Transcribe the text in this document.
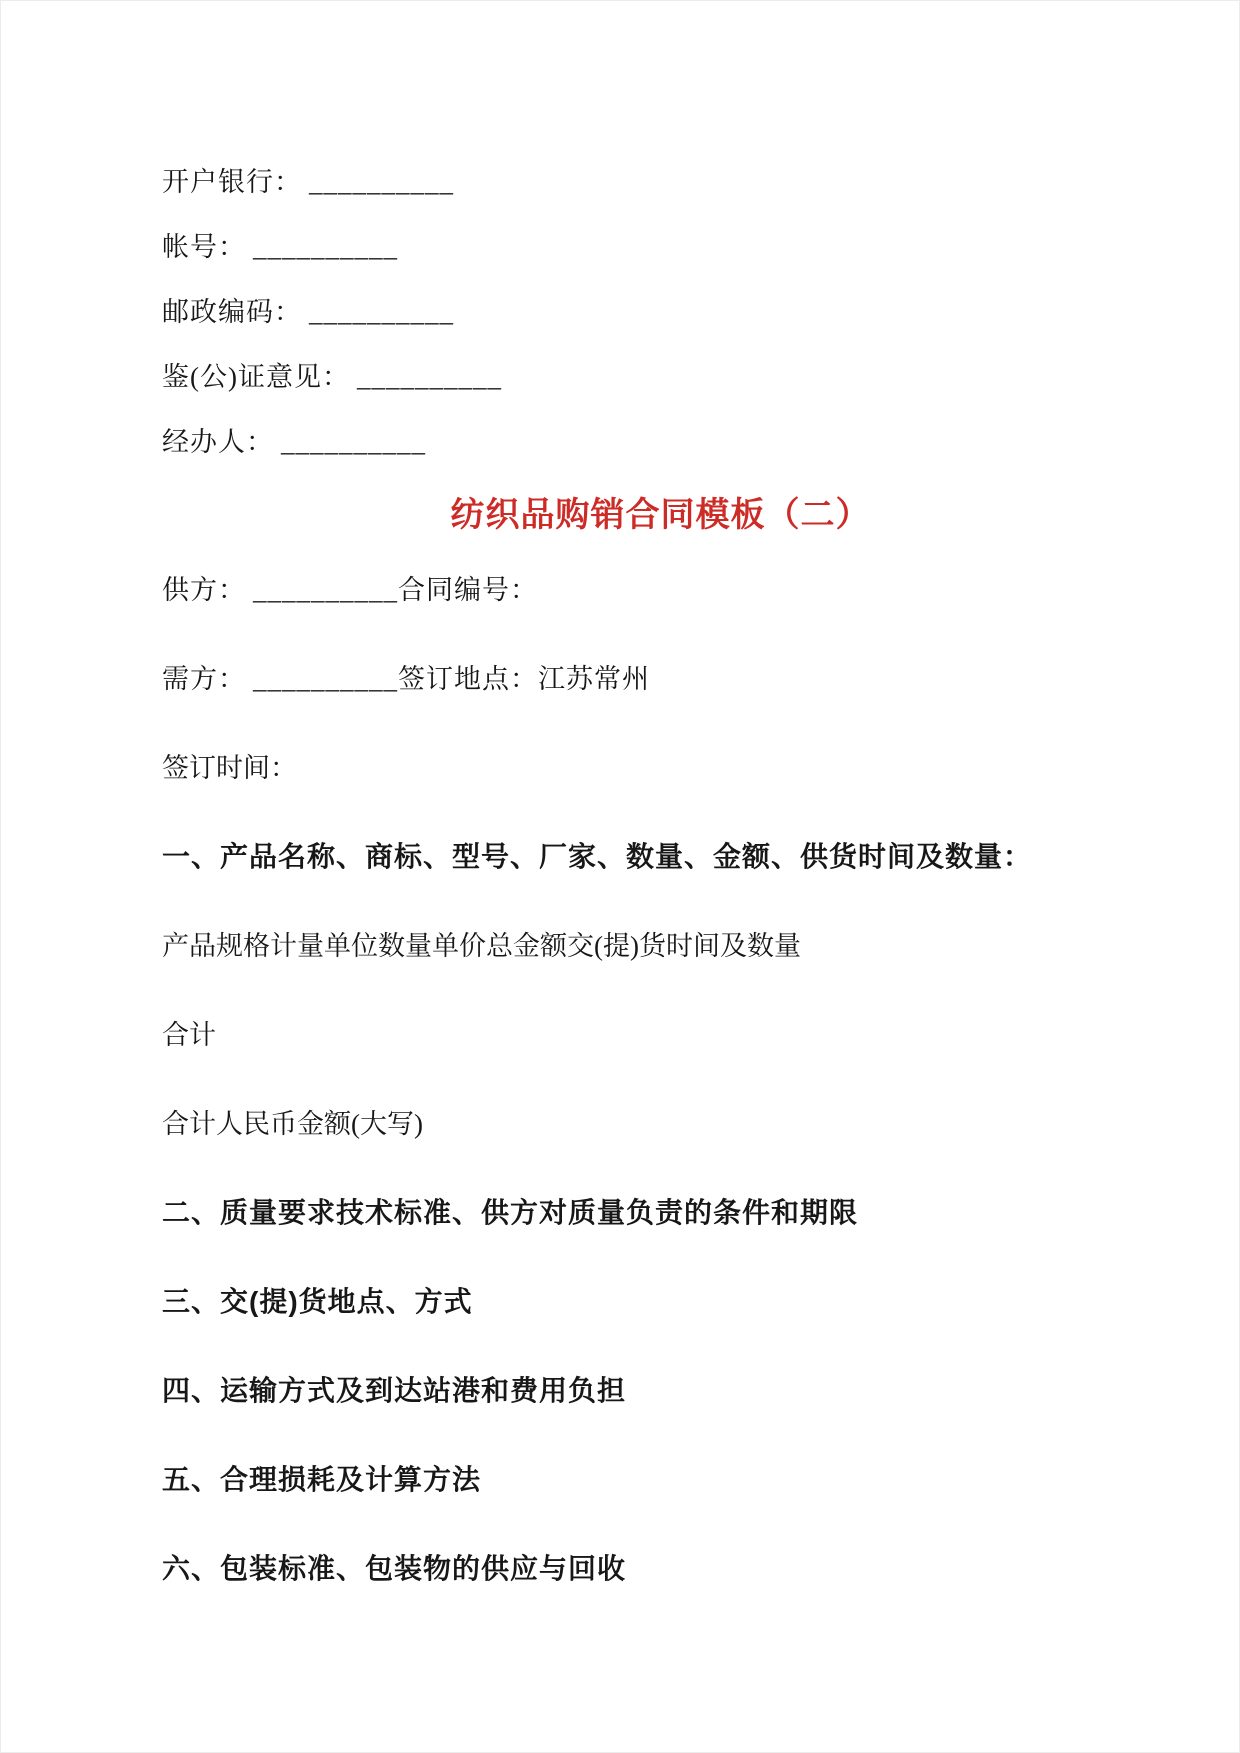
开户银行： __________

帐号： __________

邮政编码： __________

鉴(公)证意见： __________

经办人： __________

纺织品购销合同模板（二）

供方： __________合同编号：

需方： __________签订地点：江苏常州

签订时间：

一、产品名称、商标、型号、厂家、数量、金额、供货时间及数量：

产品规格计量单位数量单价总金额交(提)货时间及数量

合计

合计人民币金额(大写)

二、质量要求技术标准、供方对质量负责的条件和期限

三、交(提)货地点、方式

四、运输方式及到达站港和费用负担

五、合理损耗及计算方法

六、包装标准、包装物的供应与回收
